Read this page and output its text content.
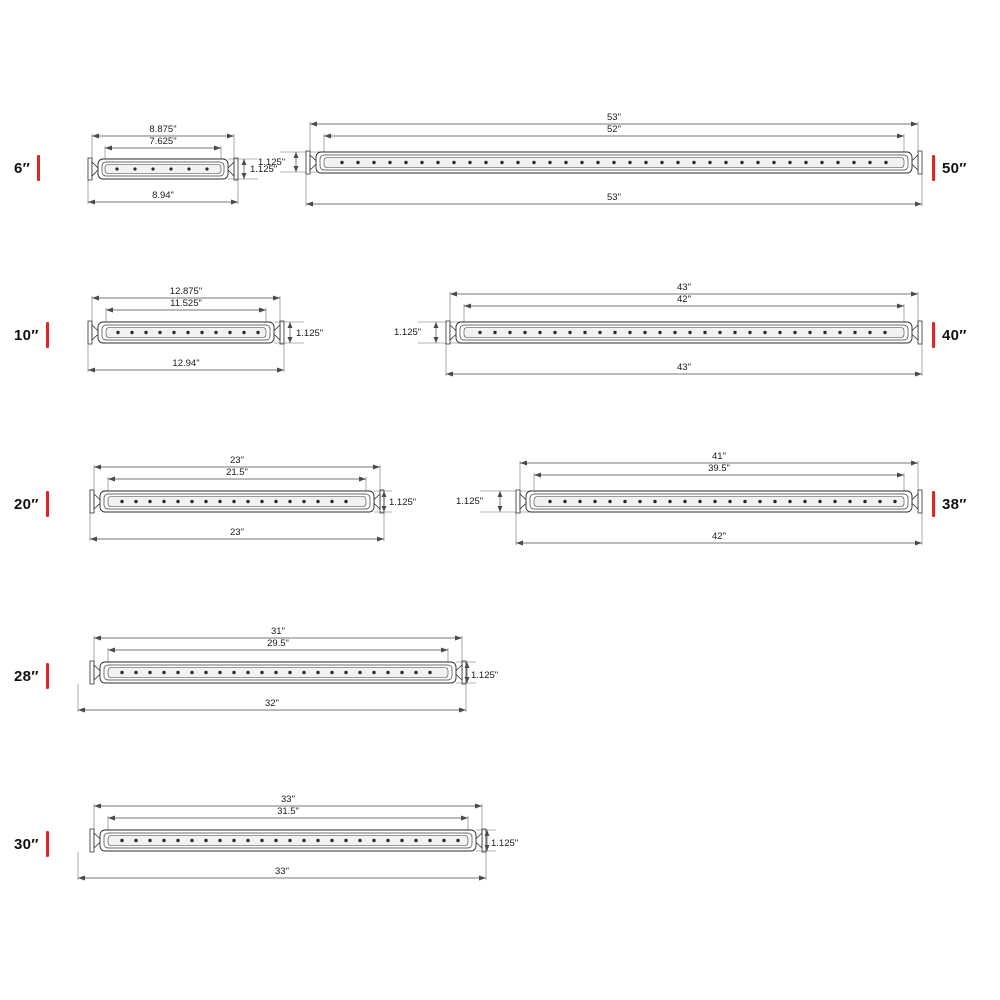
6″
8.875"
7.625"
1.125"
8.94"
50″
53"
52"
1.125"
53"
10″
12.875"
11.525"
1.125"
12.94"
40″
43"
42"
1.125"
43"
20″
23"
21.5"
1.125"
23"
38″
41"
39.5"
1.125"
42"
28″
31"
29.5"
1.125"
32"
30″
33"
31.5"
1.125"
33"
